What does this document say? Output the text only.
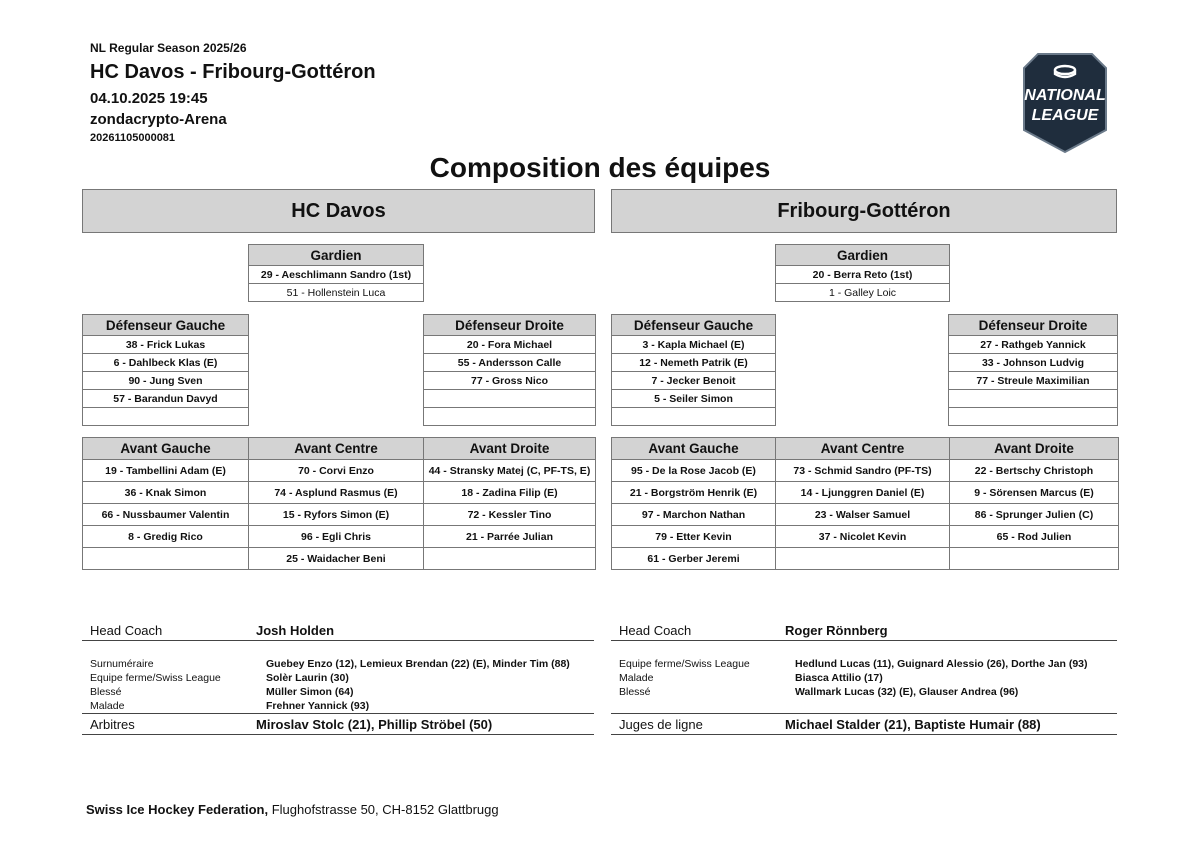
NL Regular Season 2025/26
HC Davos - Fribourg-Gottéron
04.10.2025 19:45
zondacrypto-Arena
20261105000081
NATIONAL
LEAGUE
Composition des équipes
HC Davos	Fribourg-Gottéron
Gardien
29 - Aeschlimann Sandro (1st)
51 - Hollenstein Luca
Gardien
20 - Berra Reto (1st)
1 - Galley Loic
Défenseur Gauche
38 - Frick Lukas
6 - Dahlbeck Klas (E)
90 - Jung Sven
57 - Barandun Davyd

Défenseur Droite
20 - Fora Michael
55 - Andersson Calle
77 - Gross Nico

Défenseur Gauche
3 - Kapla Michael (E)
12 - Nemeth Patrik (E)
7 - Jecker Benoit
5 - Seiler Simon

Défenseur Droite
27 - Rathgeb Yannick
33 - Johnson Ludvig
77 - Streule Maximilian

Avant Gauche	Avant Centre	Avant Droite
19 - Tambellini Adam (E)	70 - Corvi Enzo	44 - Stransky Matej (C, PF-TS, E)
36 - Knak Simon	74 - Asplund Rasmus (E)	18 - Zadina Filip (E)
66 - Nussbaumer Valentin	15 - Ryfors Simon (E)	72 - Kessler Tino
8 - Gredig Rico	96 - Egli Chris	21 - Parrée Julian
	25 - Waidacher Beni	
Avant Gauche	Avant Centre	Avant Droite
95 - De la Rose Jacob (E)	73 - Schmid Sandro (PF-TS)	22 - Bertschy Christoph
21 - Borgström Henrik (E)	14 - Ljunggren Daniel (E)	9 - Sörensen Marcus (E)
97 - Marchon Nathan	23 - Walser Samuel	86 - Sprunger Julien (C)
79 - Etter Kevin	37 - Nicolet Kevin	65 - Rod Julien
61 - Gerber Jeremi		
Head Coach	Josh Holden
Surnuméraire	Guebey Enzo (12), Lemieux Brendan (22) (E), Minder Tim (88)
Equipe ferme/Swiss League	Solèr Laurin (30)
Blessé	Müller Simon (64)
Malade	Frehner Yannick (93)
Arbitres	Miroslav Stolc (21), Phillip Ströbel (50)
Head Coach	Roger Rönnberg
Equipe ferme/Swiss League	Hedlund Lucas (11), Guignard Alessio (26), Dorthe Jan (93)
Malade	Biasca Attilio (17)
Blessé	Wallmark Lucas (32) (E), Glauser Andrea (96)
Juges de ligne	Michael Stalder (21), Baptiste Humair (88)
Swiss Ice Hockey Federation, Flughofstrasse 50, CH-8152 Glattbrugg
